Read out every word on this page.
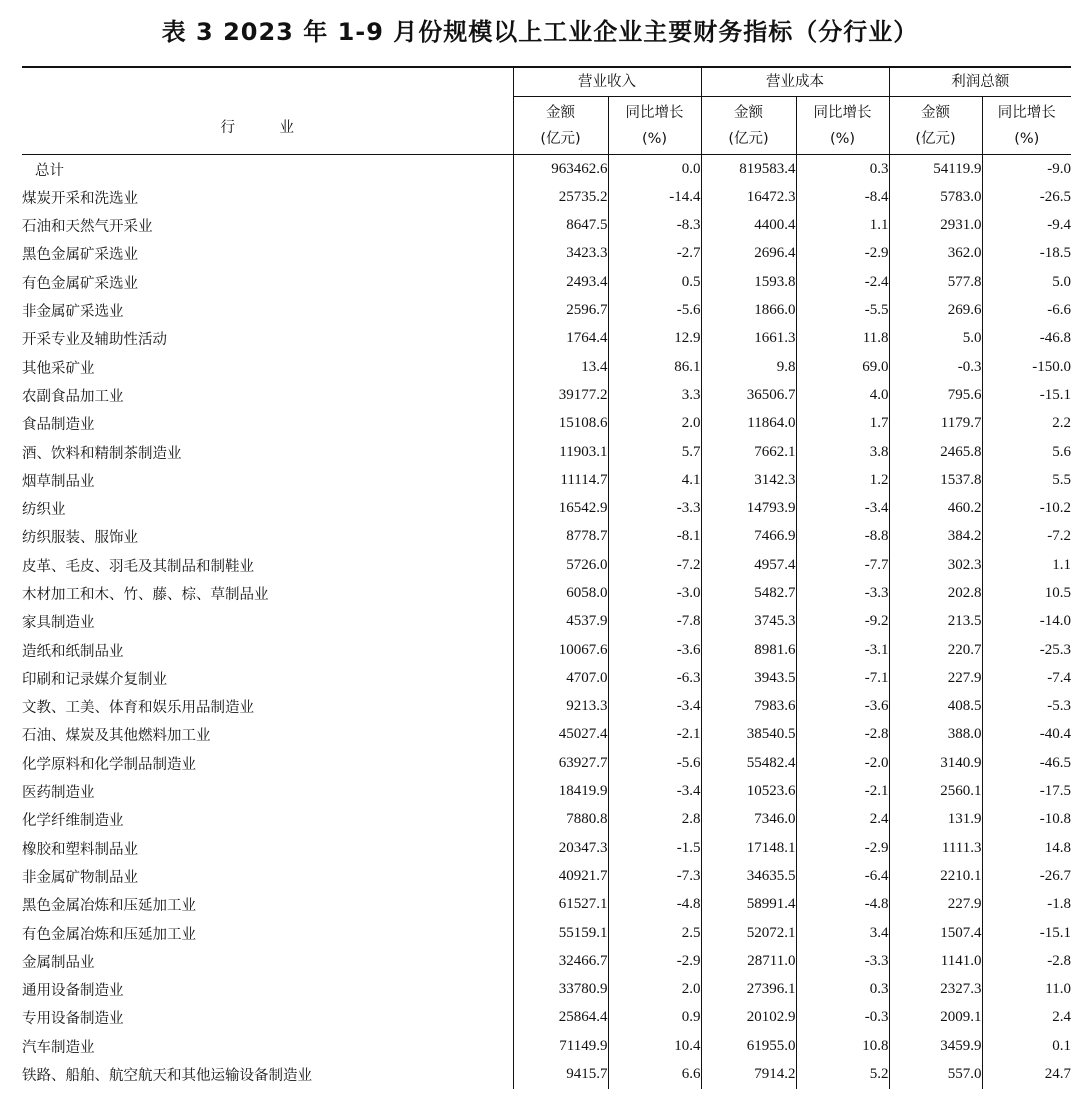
表 3 2023 年 1-9 月份规模以上工业企业主要财务指标（分行业）
行 业	营业收入		营业成本		利润总额	
	金额	同比增长	金额	同比增长	金额	同比增长
	(亿元)	(%)	(亿元)	(%)	(亿元)	(%)
总计	963462.6	0.0	819583.4	0.3	54119.9	-9.0
煤炭开采和洗选业	25735.2	-14.4	16472.3	-8.4	5783.0	-26.5
石油和天然气开采业	8647.5	-8.3	4400.4	1.1	2931.0	-9.4
黑色金属矿采选业	3423.3	-2.7	2696.4	-2.9	362.0	-18.5
有色金属矿采选业	2493.4	0.5	1593.8	-2.4	577.8	5.0
非金属矿采选业	2596.7	-5.6	1866.0	-5.5	269.6	-6.6
开采专业及辅助性活动	1764.4	12.9	1661.3	11.8	5.0	-46.8
其他采矿业	13.4	86.1	9.8	69.0	-0.3	-150.0
农副食品加工业	39177.2	3.3	36506.7	4.0	795.6	-15.1
食品制造业	15108.6	2.0	11864.0	1.7	1179.7	2.2
酒、饮料和精制茶制造业	11903.1	5.7	7662.1	3.8	2465.8	5.6
烟草制品业	11114.7	4.1	3142.3	1.2	1537.8	5.5
纺织业	16542.9	-3.3	14793.9	-3.4	460.2	-10.2
纺织服装、服饰业	8778.7	-8.1	7466.9	-8.8	384.2	-7.2
皮革、毛皮、羽毛及其制品和制鞋业	5726.0	-7.2	4957.4	-7.7	302.3	1.1
木材加工和木、竹、藤、棕、草制品业	6058.0	-3.0	5482.7	-3.3	202.8	10.5
家具制造业	4537.9	-7.8	3745.3	-9.2	213.5	-14.0
造纸和纸制品业	10067.6	-3.6	8981.6	-3.1	220.7	-25.3
印刷和记录媒介复制业	4707.0	-6.3	3943.5	-7.1	227.9	-7.4
文教、工美、体育和娱乐用品制造业	9213.3	-3.4	7983.6	-3.6	408.5	-5.3
石油、煤炭及其他燃料加工业	45027.4	-2.1	38540.5	-2.8	388.0	-40.4
化学原料和化学制品制造业	63927.7	-5.6	55482.4	-2.0	3140.9	-46.5
医药制造业	18419.9	-3.4	10523.6	-2.1	2560.1	-17.5
化学纤维制造业	7880.8	2.8	7346.0	2.4	131.9	-10.8
橡胶和塑料制品业	20347.3	-1.5	17148.1	-2.9	1111.3	14.8
非金属矿物制品业	40921.7	-7.3	34635.5	-6.4	2210.1	-26.7
黑色金属冶炼和压延加工业	61527.1	-4.8	58991.4	-4.8	227.9	-1.8
有色金属冶炼和压延加工业	55159.1	2.5	52072.1	3.4	1507.4	-15.1
金属制品业	32466.7	-2.9	28711.0	-3.3	1141.0	-2.8
通用设备制造业	33780.9	2.0	27396.1	0.3	2327.3	11.0
专用设备制造业	25864.4	0.9	20102.9	-0.3	2009.1	2.4
汽车制造业	71149.9	10.4	61955.0	10.8	3459.9	0.1
铁路、船舶、航空航天和其他运输设备制造业	9415.7	6.6	7914.2	5.2	557.0	24.7
